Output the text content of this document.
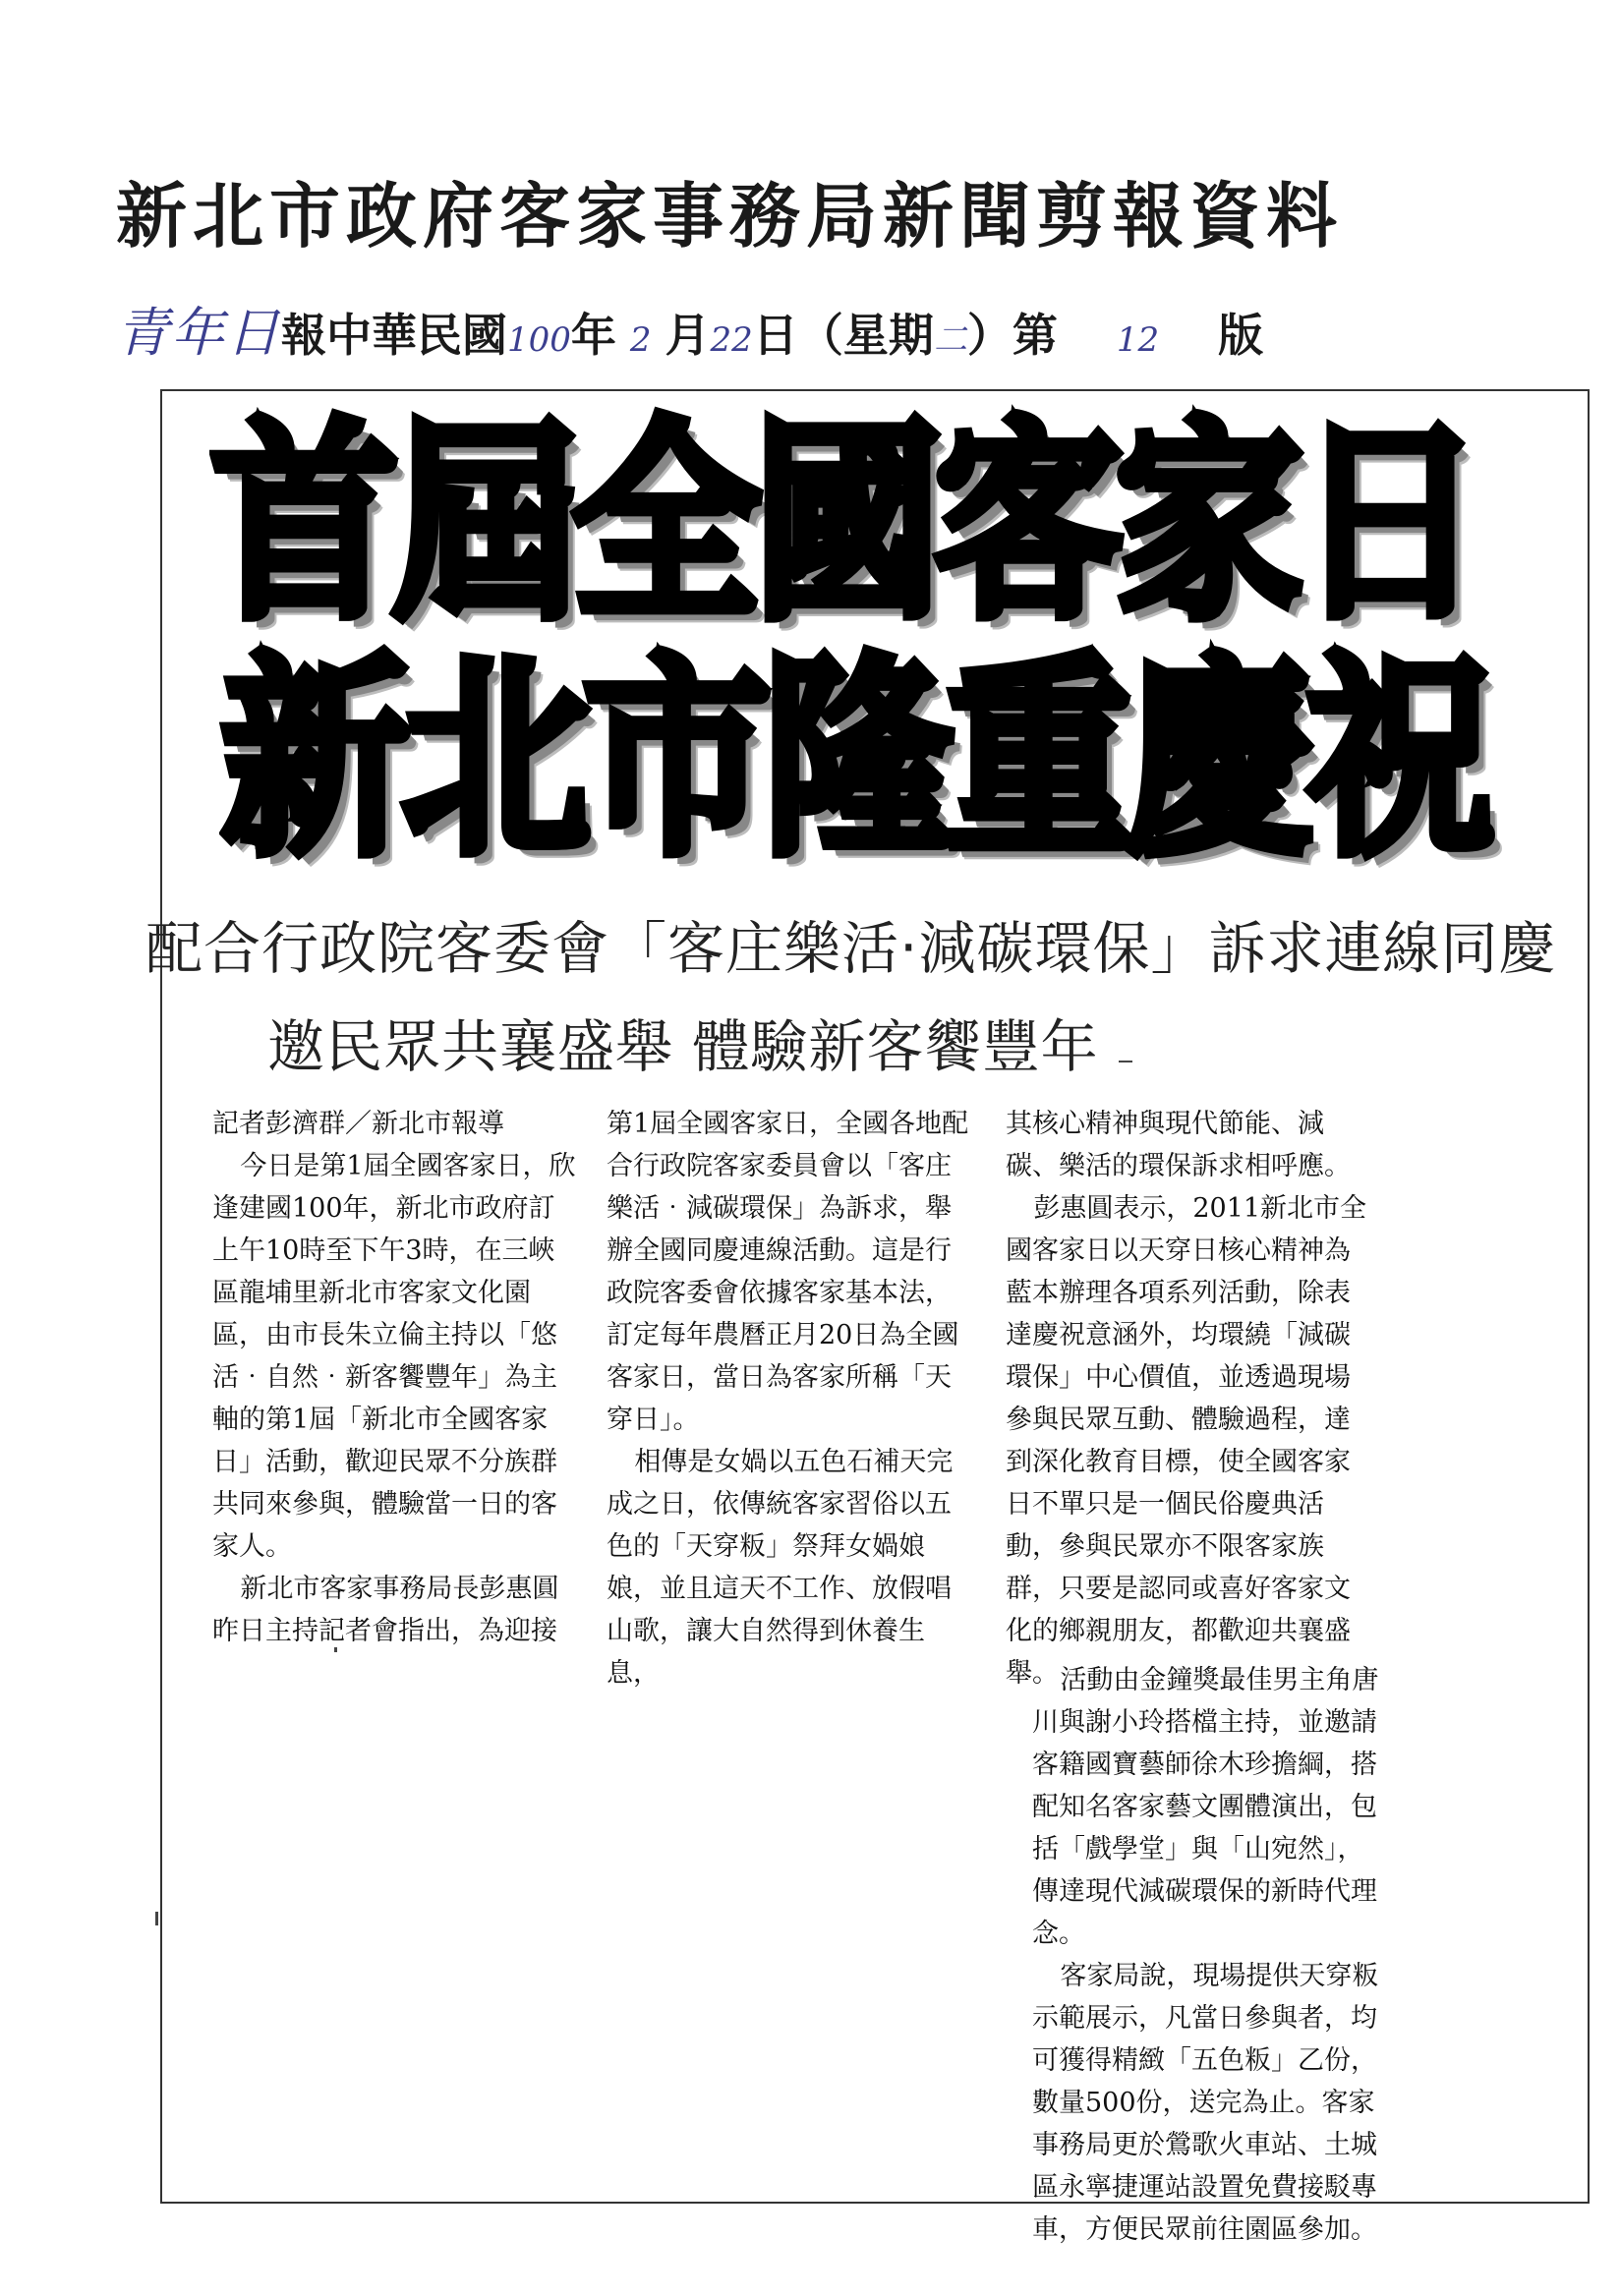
新北市政府客家事務局新聞剪報資料
青年日報中華民國100年 2 月22日（星期二）第 12 版
首屆全國客家日
新北市隆重慶祝
配合行政院客委會「客庄樂活‧減碳環保」訴求連線同慶
邀民眾共襄盛舉 體驗新客饗豐年

記者彭濟群／新北市報導

今日是第1屆全國客家日，欣逢建國100年，新北市政府訂上午10時至下午3時，在三峽區龍埔里新北市客家文化園區，由市長朱立倫主持以「悠活‧自然‧新客饗豐年」為主軸的第1屆「新北市全國客家日」活動，歡迎民眾不分族群共同來參與，體驗當一日的客家人。

新北市客家事務局長彭惠圓昨日主持記者會指出，為迎接

第1屆全國客家日，全國各地配合行政院客家委員會以「客庄樂活‧減碳環保」為訴求，舉辦全國同慶連線活動。這是行政院客委會依據客家基本法，訂定每年農曆正月20日為全國客家日，當日為客家所稱「天穿日」。

相傳是女媧以五色石補天完成之日，依傳統客家習俗以五色的「天穿粄」祭拜女媧娘娘，並且這天不工作、放假唱山歌，讓大自然得到休養生息，

其核心精神與現代節能、減碳、樂活的環保訴求相呼應。

彭惠圓表示，2011新北市全國客家日以天穿日核心精神為藍本辦理各項系列活動，除表達慶祝意涵外，均環繞「減碳環保」中心價值，並透過現場參與民眾互動、體驗過程，達到深化教育目標，使全國客家日不單只是一個民俗慶典活動，參與民眾亦不限客家族群，只要是認同或喜好客家文化的鄉親朋友，都歡迎共襄盛舉。 活動由金鐘獎最佳男主角唐川與謝小玲搭檔主持，並邀請客籍國寶藝師徐木珍擔綱，搭配知名客家藝文團體演出，包括「戲學堂」與「山宛然」，傳達現代減碳環保的新時代理念。

客家局說，現場提供天穿粄示範展示，凡當日參與者，均可獲得精緻「五色粄」乙份，數量500份，送完為止。客家事務局更於鶯歌火車站、土城區永寧捷運站設置免費接駁專車，方便民眾前往園區參加。
